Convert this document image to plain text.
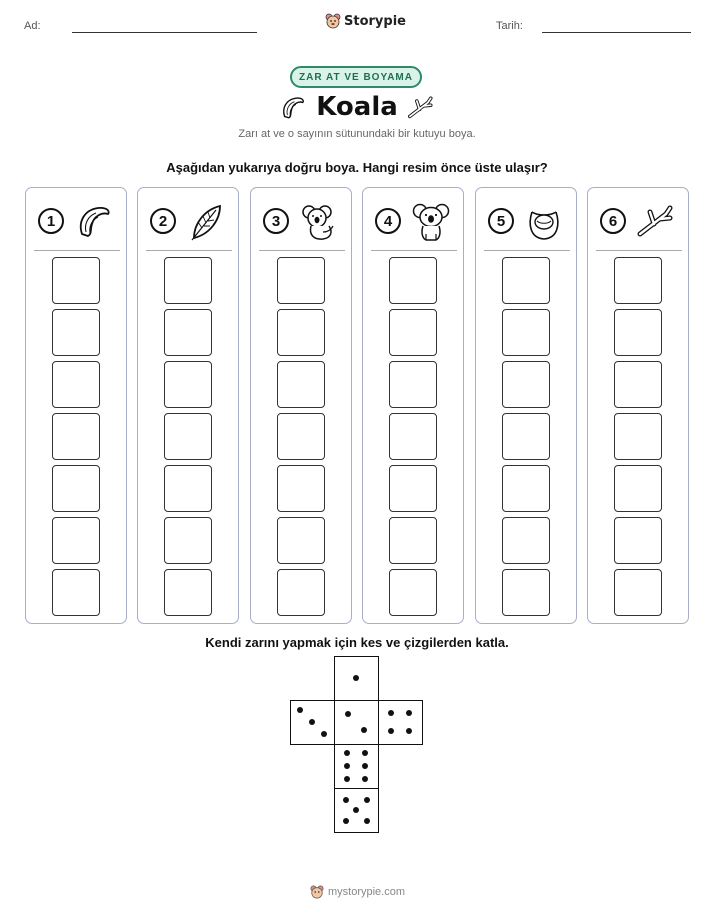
Ad:	Storypie	Tarih:
ZAR AT VE BOYAMA
Koala
Zarı at ve o sayının sütunundaki bir kutuyu boya.
Aşağıdan yukarıya doğru boya. Hangi resim önce üste ulaşır?
1	2	3	4	5	6
Kendi zarını yapmak için kes ve çizgilerden katla.
mystorypie.com
